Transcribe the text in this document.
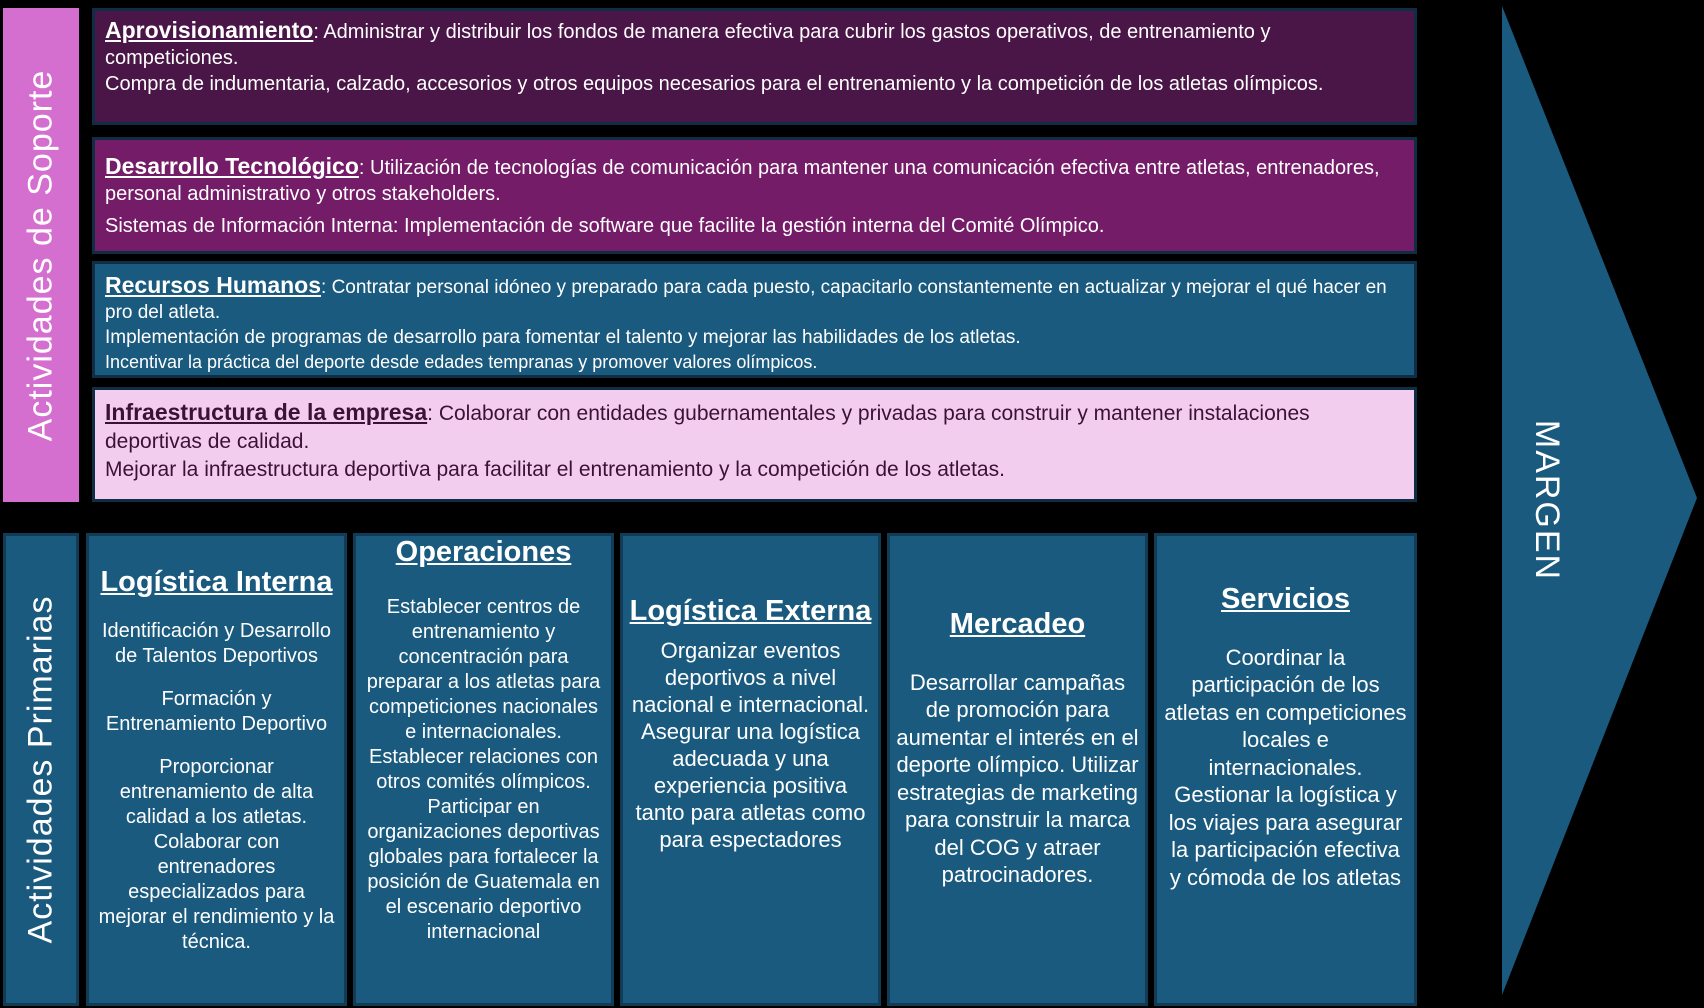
MARGEN
Actividades de Soporte

Aprovisionamiento: Administrar y distribuir los fondos de manera efectiva para cubrir los gastos operativos, de entrenamiento y competiciones.

Compra de indumentaria, calzado, accesorios y otros equipos necesarios para el entrenamiento y la competición de los atletas olímpicos.

Desarrollo Tecnológico: Utilización de tecnologías de comunicación para mantener una comunicación efectiva entre atletas, entrenadores, personal administrativo y otros stakeholders.

Sistemas de Información Interna: Implementación de software que facilite la gestión interna del Comité Olímpico.

Recursos Humanos: Contratar personal idóneo y preparado para cada puesto, capacitarlo constantemente en actualizar y mejorar el qué hacer en pro del atleta.

Implementación de programas de desarrollo para fomentar el talento y mejorar las habilidades de los atletas.

Incentivar la práctica del deporte desde edades tempranas y promover valores olímpicos.

Infraestructura de la empresa: Colaborar con entidades gubernamentales y privadas para construir y mantener instalaciones deportivas de calidad.

Mejorar la infraestructura deportiva para facilitar el entrenamiento y la competición de los atletas.

Actividades Primarias

Logística Interna

Identificación y Desarrollo de Talentos Deportivos

Formación y Entrenamiento Deportivo

Proporcionar entrenamiento de alta calidad a los atletas. Colaborar con entrenadores especializados para mejorar el rendimiento y la técnica.

Operaciones

Establecer centros de entrenamiento y concentración para preparar a los atletas para competiciones nacionales e internacionales. Establecer relaciones con otros comités olímpicos. Participar en organizaciones deportivas globales para fortalecer la posición de Guatemala en el escenario deportivo internacional

Logística Externa

Organizar eventos deportivos a nivel nacional e internacional. Asegurar una logística adecuada y una experiencia positiva tanto para atletas como para espectadores

Mercadeo

Desarrollar campañas de promoción para aumentar el interés en el deporte olímpico. Utilizar estrategias de marketing para construir la marca del COG y atraer patrocinadores.

Servicios

Coordinar la participación de los atletas en competiciones locales e internacionales. Gestionar la logística y los viajes para asegurar la participación efectiva y cómoda de los atletas
